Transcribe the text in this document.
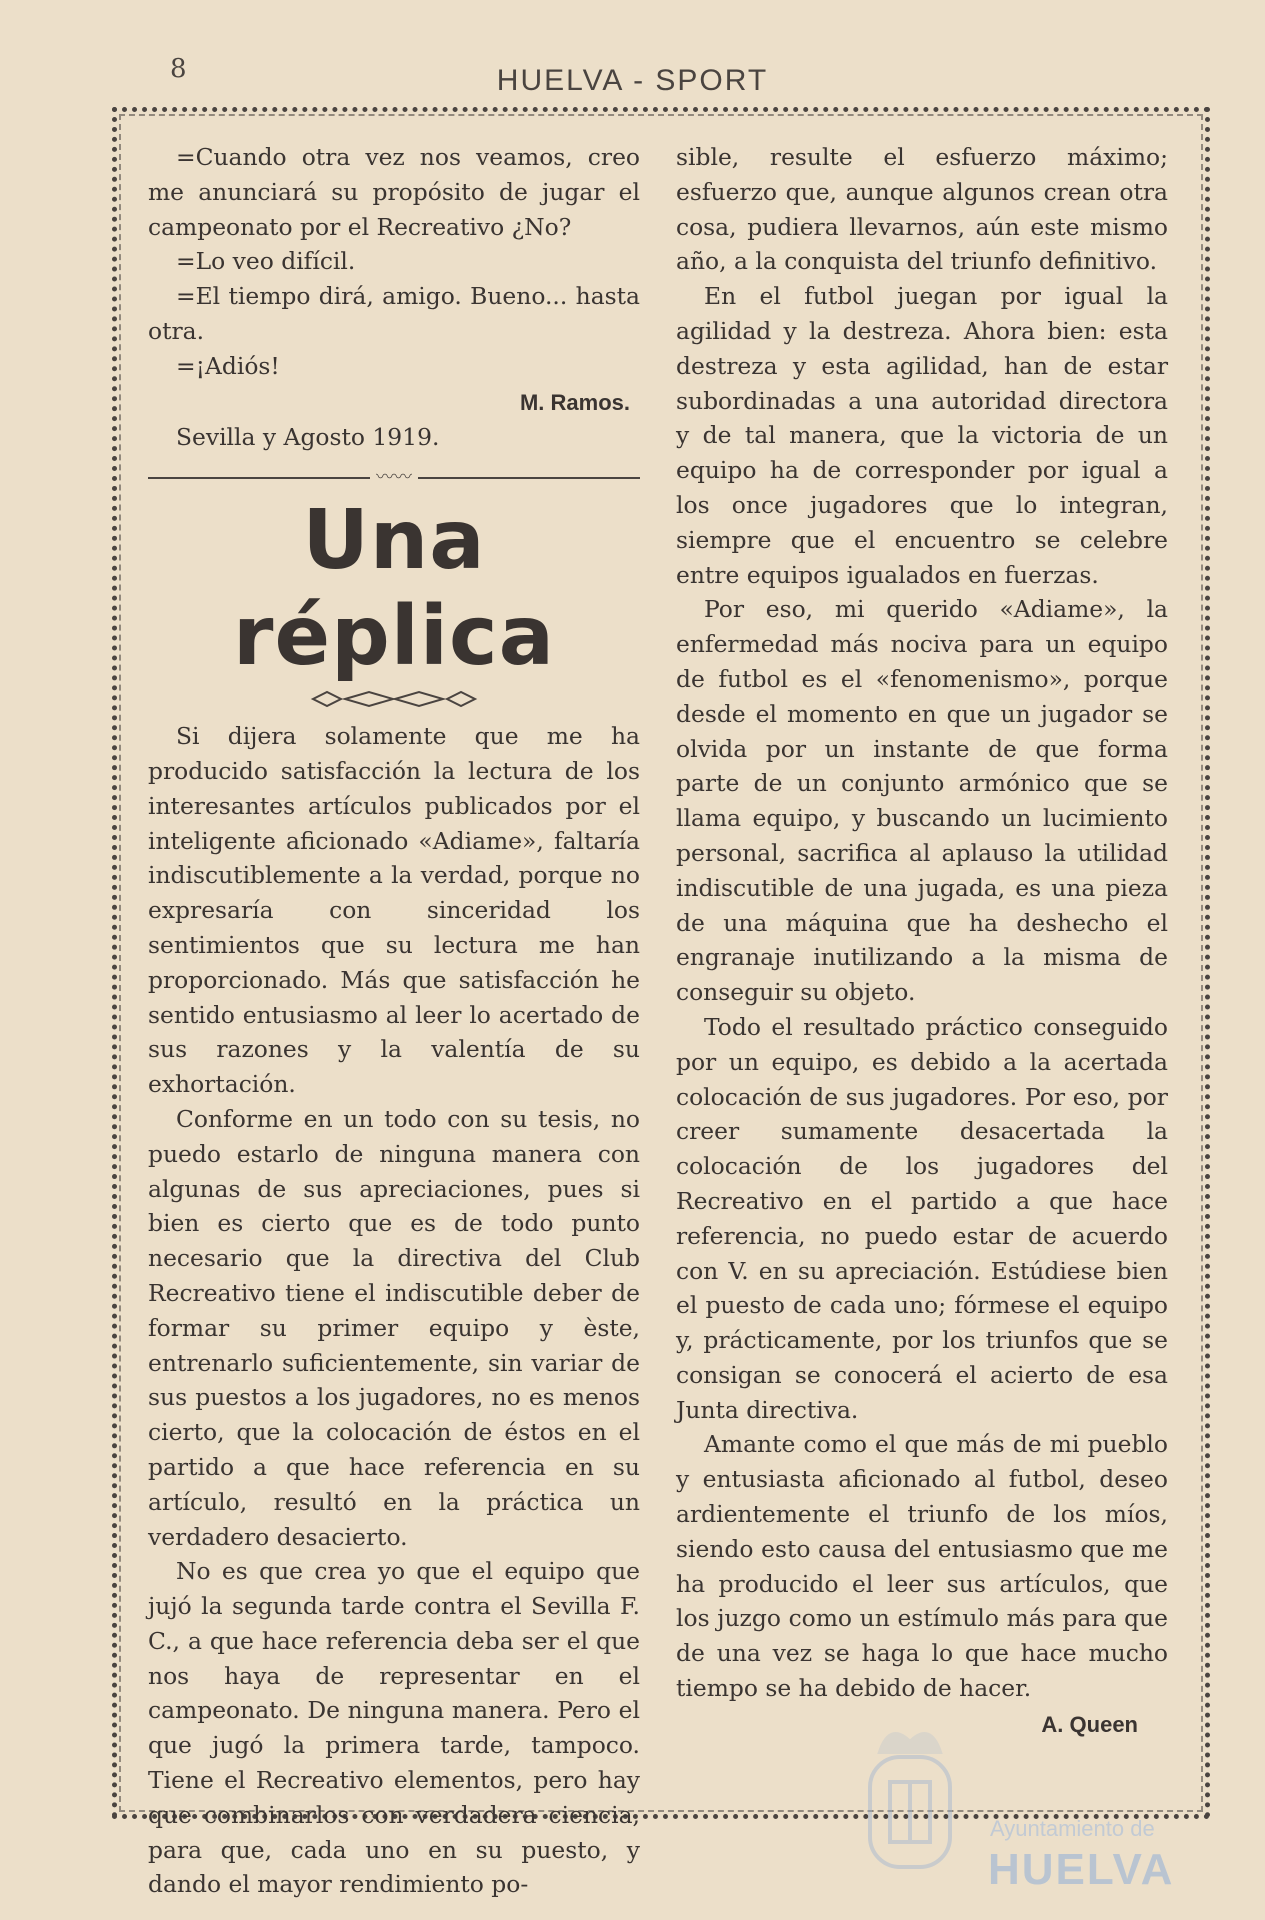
8	HUELVA - SPORT

=Cuando otra vez nos veamos, creo me anunciará su propósito de jugar el campeonato por el Recreativo ¿No?

=Lo veo difícil.

=El tiempo dirá, amigo. Bueno... hasta otra.

=¡Adiós!

M. Ramos.

Sevilla y Agosto 1919.

〰〰
Una réplica

Si dijera solamente que me ha producido satisfacción la lectura de los interesantes artículos publicados por el inteligente aficionado «Adiame», faltaría indiscutiblemente a la verdad, porque no expresaría con sinceridad los sentimientos que su lectura me han proporcionado. Más que satisfacción he sentido entusiasmo al leer lo acertado de sus razones y la valentía de su exhortación.

Conforme en un todo con su tesis, no puedo estarlo de ninguna manera con algunas de sus apreciaciones, pues si bien es cierto que es de todo punto necesario que la directiva del Club Recreativo tiene el indiscutible deber de formar su primer equipo y èste, entrenarlo suficientemente, sin variar de sus puestos a los jugadores, no es menos cierto, que la colocación de éstos en el partido a que hace referencia en su artículo, resultó en la práctica un verdadero desacierto.

No es que crea yo que el equipo que jujó la segunda tarde contra el Sevilla F. C., a que hace referencia deba ser el que nos haya de representar en el campeonato. De ninguna manera. Pero el que jugó la primera tarde, tampoco. Tiene el Recreativo elementos, pero hay que combinarlos con verdadera ciencia, para que, cada uno en su puesto, y dando el mayor rendimiento po-

sible, resulte el esfuerzo máximo; esfuerzo que, aunque algunos crean otra cosa, pudiera llevarnos, aún este mismo año, a la conquista del triunfo definitivo.

En el futbol juegan por igual la agilidad y la destreza. Ahora bien: esta destreza y esta agilidad, han de estar subordinadas a una autoridad directora y de tal manera, que la victoria de un equipo ha de corresponder por igual a los once jugadores que lo integran, siempre que el encuentro se celebre entre equipos igualados en fuerzas.

Por eso, mi querido «Adiame», la enfermedad más nociva para un equipo de futbol es el «fenomenismo», porque desde el momento en que un jugador se olvida por un instante de que forma parte de un conjunto armónico que se llama equipo, y buscando un lucimiento personal, sacrifica al aplauso la utilidad indiscutible de una jugada, es una pieza de una máquina que ha deshecho el engranaje inutilizando a la misma de conseguir su objeto.

Todo el resultado práctico conseguido por un equipo, es debido a la acertada colocación de sus jugadores. Por eso, por creer sumamente desacertada la colocación de los jugadores del Recreativo en el partido a que hace referencia, no puedo estar de acuerdo con V. en su apreciación. Estúdiese bien el puesto de cada uno; fórmese el equipo y, prácticamente, por los triunfos que se consigan se conocerá el acierto de esa Junta directiva.

Amante como el que más de mi pueblo y entusiasta aficionado al futbol, deseo ardientemente el triunfo de los míos, siendo esto causa del entusiasmo que me ha producido el leer sus artículos, que los juzgo como un estímulo más para que de una vez se haga lo que hace mucho tiempo se ha debido de hacer.

A. Queen
Ayuntamiento de
HUELVA
